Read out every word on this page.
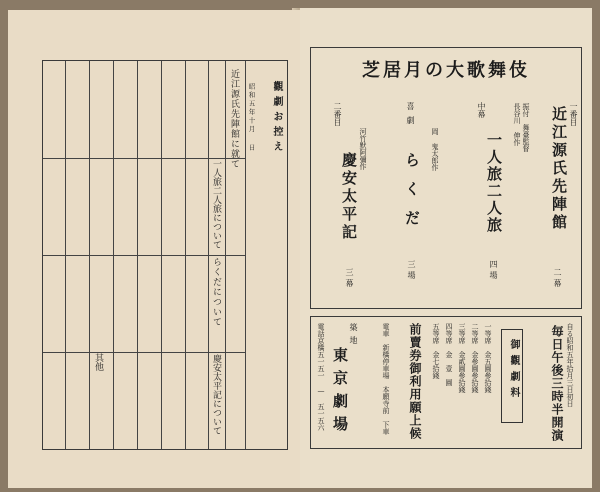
觀劇お控え
昭和五年十月 日
近江源氏先陣館に就て
一人旅二人旅について
らくだについて
慶安太平記について
其他
芝居月の大歌舞伎
一番目
近江源氏先陣館
二幕
長谷川 伸作 振付　舞臺監督
中幕
一人旅二人旅
四場
喜劇
岡 鬼太郎作
らくだ
三場
河竹默阿彌作
二番目
慶安太平記
三幕
自る昭和五年拾月三日初日
毎日午後三時半開演
御觀劇料
一等席　金五圓參拾錢
二等席　金參圓參拾錢
三等席　金貳圓參拾錢
四等席　金　壹　圓
五等席　金七拾錢
前賣券御利用願上候
電車　新橋停車場　本願寺前　下車
築地
東京劇場
電話京橋五一五一 — 五一五六
